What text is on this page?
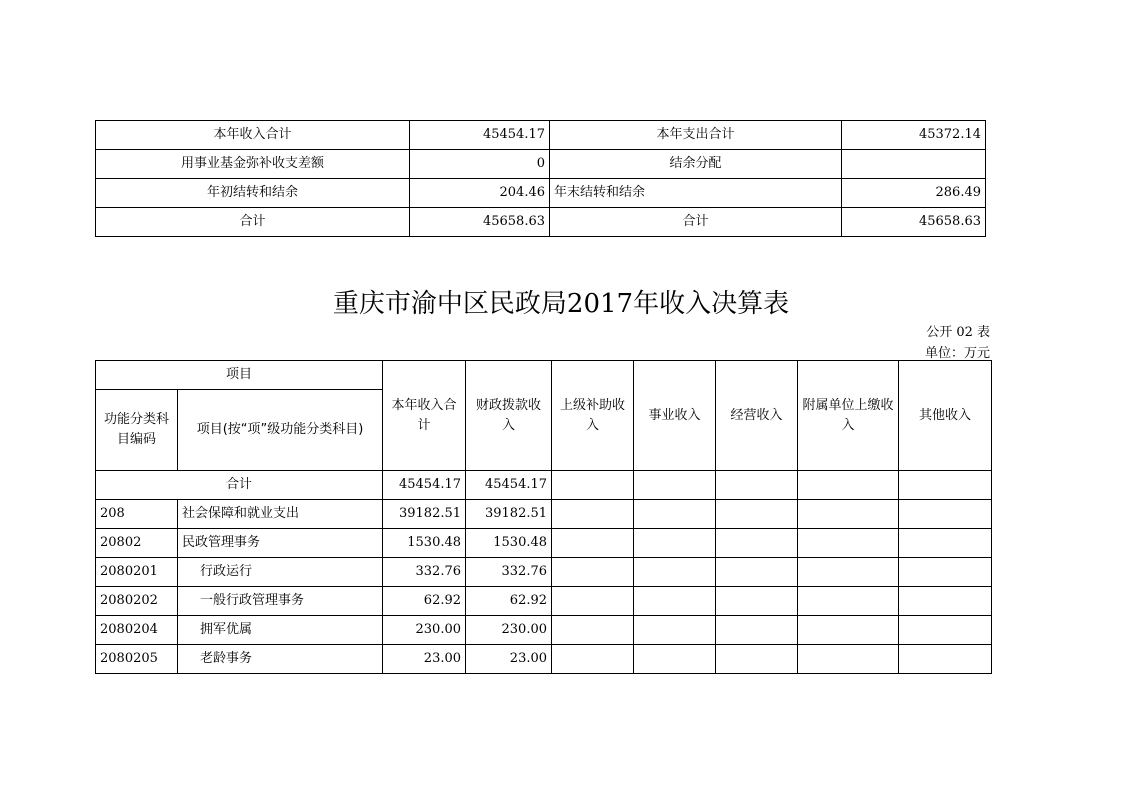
本年收入合计	45454.17	本年支出合计	45372.14
用事业基金弥补收支差额	0	结余分配	
年初结转和结余	204.46	年末结转和结余	286.49
合计	45658.63	合计	45658.63
重庆市渝中区民政局2017年收入决算表
公开 02 表
单位：万元
项目		本年收入合计	财政拨款收入	上级补助收入	事业收入	经营收入	附属单位上缴收入	其他收入
功能分类科目编码	项目(按“项”级功能分类科目)							
合计		45454.17	45454.17					
208	社会保障和就业支出	39182.51	39182.51					
20802	民政管理事务	1530.48	1530.48					
2080201	行政运行	332.76	332.76					
2080202	一般行政管理事务	62.92	62.92					
2080204	拥军优属	230.00	230.00					
2080205	老龄事务	23.00	23.00					
